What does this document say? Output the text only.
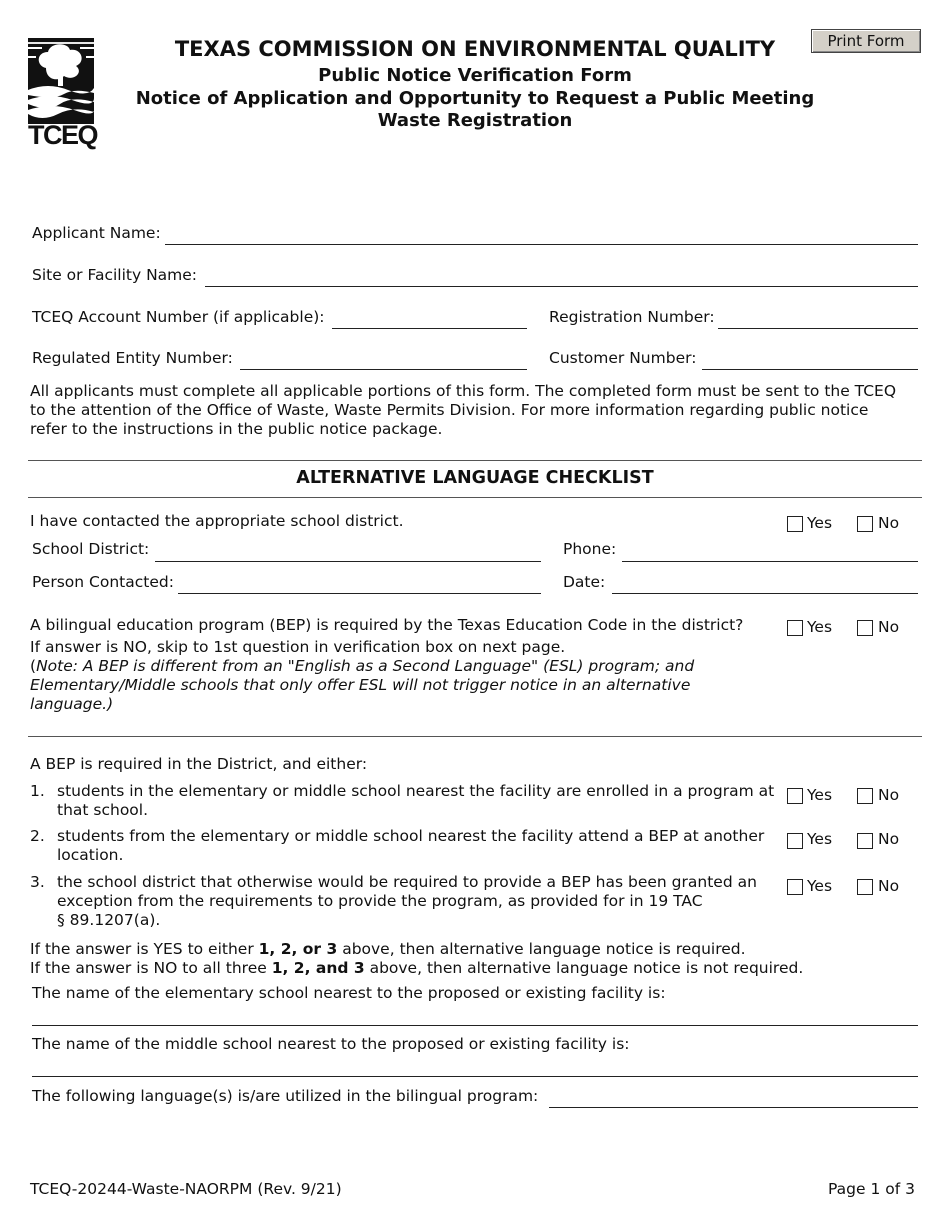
TCEQ
TEXAS COMMISSION ON ENVIRONMENTAL QUALITY
Public Notice Verification Form
Notice of Application and Opportunity to Request a Public Meeting
Waste Registration
Print Form
Applicant Name:
Site or Facility Name:
TCEQ Account Number (if applicable):	Registration Number:
Regulated Entity Number:	Customer Number:
All applicants must complete all applicable portions of this form. The completed form must be sent to the TCEQ
to the attention of the Office of Waste, Waste Permits Division. For more information regarding public notice
refer to the instructions in the public notice package.
ALTERNATIVE LANGUAGE CHECKLIST
I have contacted the appropriate school district.	Yes	No
School District:	Phone:
Person Contacted:	Date:
A bilingual education program (BEP) is required by the Texas Education Code in the district?	Yes	No
If answer is NO, skip to 1st question in verification box on next page.
(Note: A BEP is different from an "English as a Second Language" (ESL) program; and
Elementary/Middle schools that only offer ESL will not trigger notice in an alternative
language.)
A BEP is required in the District, and either:
1. students in the elementary or middle school nearest the facility are enrolled in a program at
that school.
Yes	No
2. students from the elementary or middle school nearest the facility attend a BEP at another
location.
Yes	No
3. the school district that otherwise would be required to provide a BEP has been granted an
exception from the requirements to provide the program, as provided for in 19 TAC
§ 89.1207(a).
Yes	No
If the answer is YES to either 1, 2, or 3 above, then alternative language notice is required.
If the answer is NO to all three 1, 2, and 3 above, then alternative language notice is not required.
The name of the elementary school nearest to the proposed or existing facility is:
The name of the middle school nearest to the proposed or existing facility is:
The following language(s) is/are utilized in the bilingual program:
TCEQ-20244-Waste-NAORPM (Rev. 9/21)	Page 1 of 3
